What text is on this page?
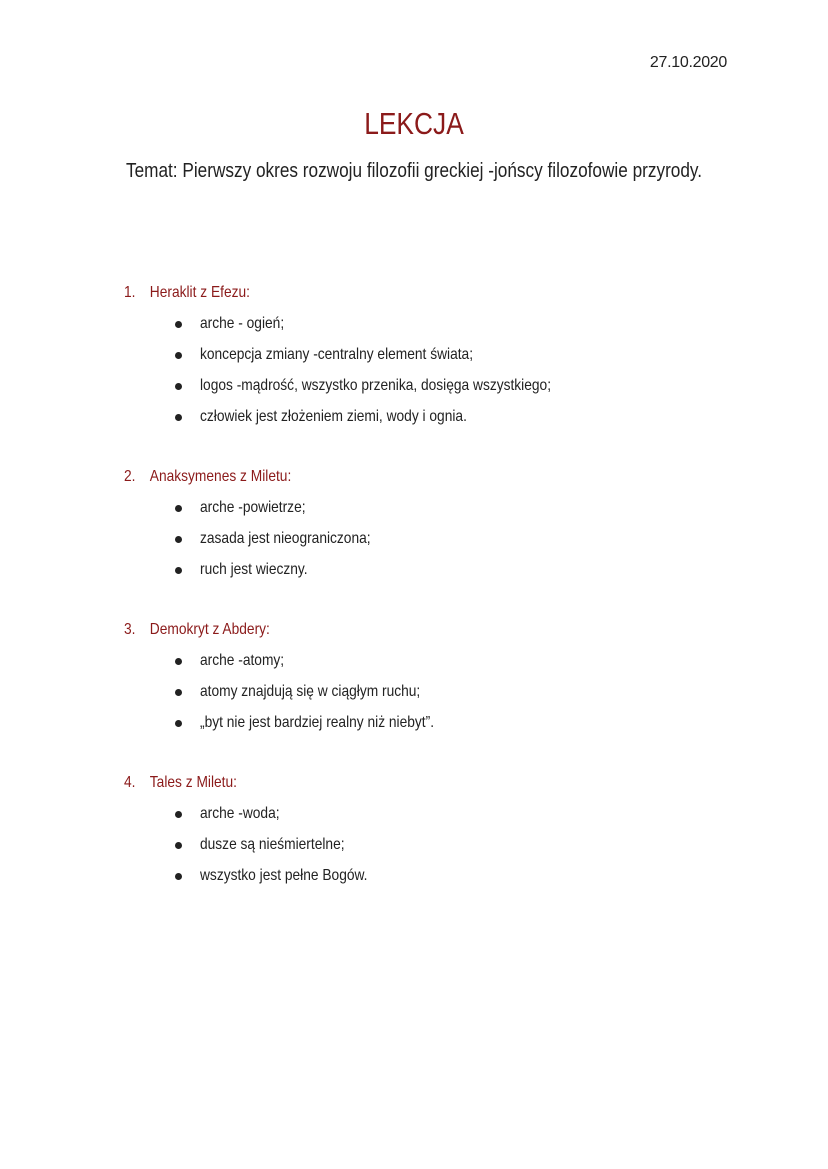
27.10.2020
LEKCJA
Temat: Pierwszy okres rozwoju filozofii greckiej -jońscy filozofowie przyrody.
1. Heraklit z Efezu:
arche - ogień;
koncepcja zmiany -centralny element świata;
logos -mądrość, wszystko przenika, dosięga wszystkiego;
człowiek jest złożeniem ziemi, wody i ognia.
2. Anaksymenes z Miletu:
arche -powietrze;
zasada jest nieograniczona;
ruch jest wieczny.
3. Demokryt z Abdery:
arche -atomy;
atomy znajdują się w ciągłym ruchu;
„byt nie jest bardziej realny niż niebyt”.
4. Tales z Miletu:
arche -woda;
dusze są nieśmiertelne;
wszystko jest pełne Bogów.
